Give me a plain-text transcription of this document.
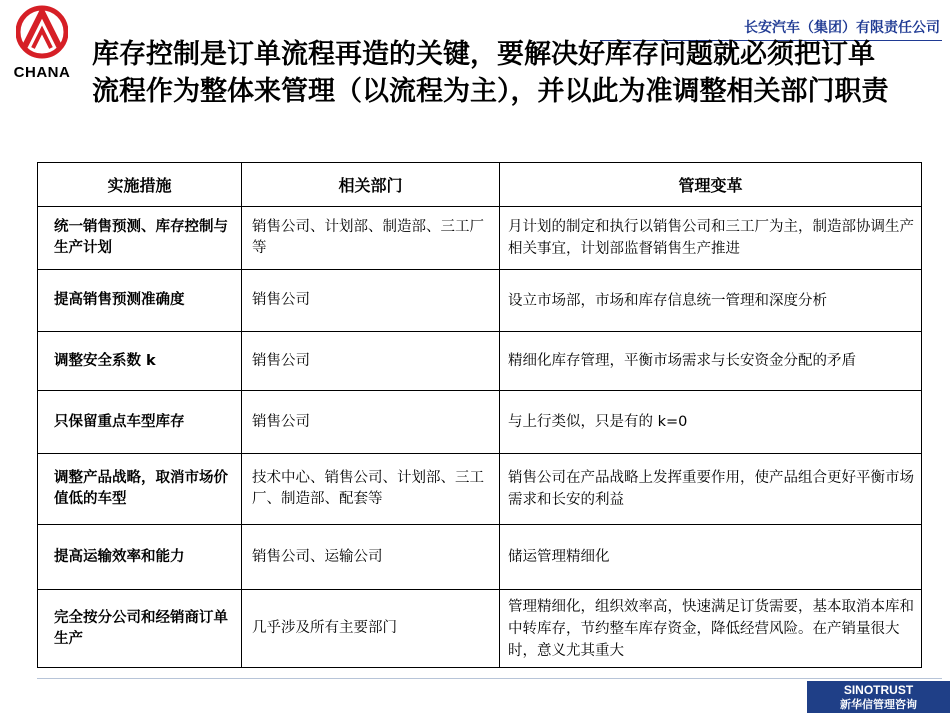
CHANA
长安汽车（集团）有限责任公司
库存控制是订单流程再造的关键，要解决好库存问题就必须把订单流程作为整体来管理（以流程为主），并以此为准调整相关部门职责
实施措施	相关部门	管理变革
统一销售预测、库存控制与生产计划	销售公司、计划部、制造部、三工厂等	月计划的制定和执行以销售公司和三工厂为主，制造部协调生产相关事宜，计划部监督销售生产推进
提高销售预测准确度	销售公司	设立市场部，市场和库存信息统一管理和深度分析
调整安全系数 k	销售公司	精细化库存管理，平衡市场需求与长安资金分配的矛盾
只保留重点车型库存	销售公司	与上行类似，只是有的 k=0
调整产品战略，取消市场价值低的车型	技术中心、销售公司、计划部、三工厂、制造部、配套等	销售公司在产品战略上发挥重要作用，使产品组合更好平衡市场需求和长安的利益
提高运输效率和能力	销售公司、运输公司	储运管理精细化
完全按分公司和经销商订单生产	几乎涉及所有主要部门	管理精细化，组织效率高，快速满足订货需要，基本取消本库和中转库存，节约整车库存资金，降低经营风险。在产销量很大时，意义尤其重大
SINOTRUST
新华信管理咨询
